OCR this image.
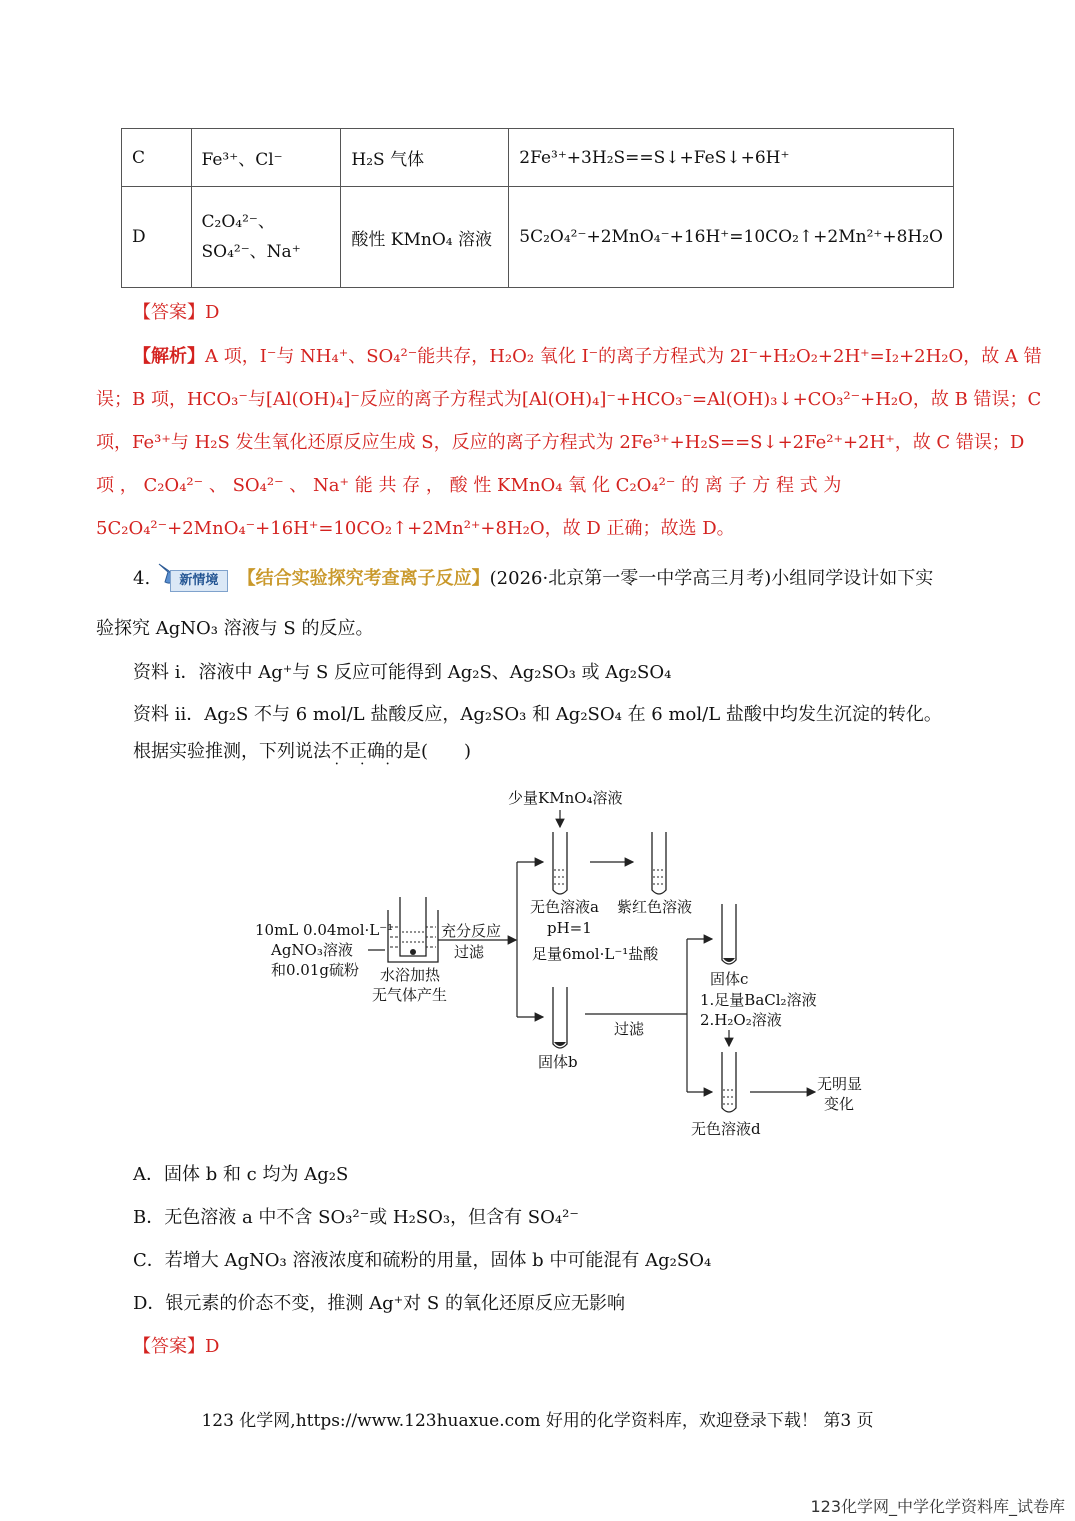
C	Fe³⁺、Cl⁻	H₂S 气体	2Fe³⁺+3H₂S==S↓+FeS↓+6H⁺
D	C₂O₄²⁻、SO₄²⁻、Na⁺	酸性 KMnO₄ 溶液	5C₂O₄²⁻+2MnO₄⁻+16H⁺=10CO₂↑+2Mn²⁺+8H₂O
【答案】D
【解析】A 项，I⁻与 NH₄⁺、SO₄²⁻能共存，H₂O₂ 氧化 I⁻的离子方程式为 2I⁻+H₂O₂+2H⁺=I₂+2H₂O，故 A 错
误；B 项，HCO₃⁻与[Al(OH)₄]⁻反应的离子方程式为[Al(OH)₄]⁻+HCO₃⁻=Al(OH)₃↓+CO₃²⁻+H₂O，故 B 错误；C
项，Fe³⁺与 H₂S 发生氧化还原反应生成 S，反应的离子方程式为 2Fe³⁺+H₂S==S↓+2Fe²⁺+2H⁺，故 C 错误；D
项 ， C₂O₄²⁻ 、 SO₄²⁻ 、 Na⁺ 能 共 存 ， 酸 性 KMnO₄ 氧 化 C₂O₄²⁻ 的 离 子 方 程 式 为
5C₂O₄²⁻+2MnO₄⁻+16H⁺=10CO₂↑+2Mn²⁺+8H₂O，故 D 正确；故选 D。
4.	新情境	【结合实验探究考查离子反应】(2026·北京第一零一中学高三月考)小组同学设计如下实
验探究 AgNO₃ 溶液与 S 的反应。
资料 i．溶液中 Ag⁺与 S 反应可能得到 Ag₂S、Ag₂SO₃ 或 Ag₂SO₄
资料 ii．Ag₂S 不与 6 mol/L 盐酸反应，Ag₂SO₃ 和 Ag₂SO₄ 在 6 mol/L 盐酸中均发生沉淀的转化。
根据实验推测，下列说法不正确 • • •的是(　　)
少量KMnO₄溶液
无色溶液a
pH=1
紫红色溶液
10mL 0.04mol·L⁻¹
AgNO₃溶液
和0.01g硫粉 水浴加热
无气体产生
充分反应
过滤	足量6mol·L⁻¹盐酸
固体b
过滤
固体c
1.足量BaCl₂溶液
2.H₂O₂溶液
无色溶液d
无明显
变化
A．固体 b 和 c 均为 Ag₂S
B．无色溶液 a 中不含 SO₃²⁻或 H₂SO₃，但含有 SO₄²⁻
C．若增大 AgNO₃ 溶液浓度和硫粉的用量，固体 b 中可能混有 Ag₂SO₄
D．银元素的价态不变，推测 Ag⁺对 S 的氧化还原反应无影响
【答案】D
123 化学网,https://www.123huaxue.com 好用的化学资料库，欢迎登录下载！ 第3 页
123化学网_中学化学资料库_试卷库
